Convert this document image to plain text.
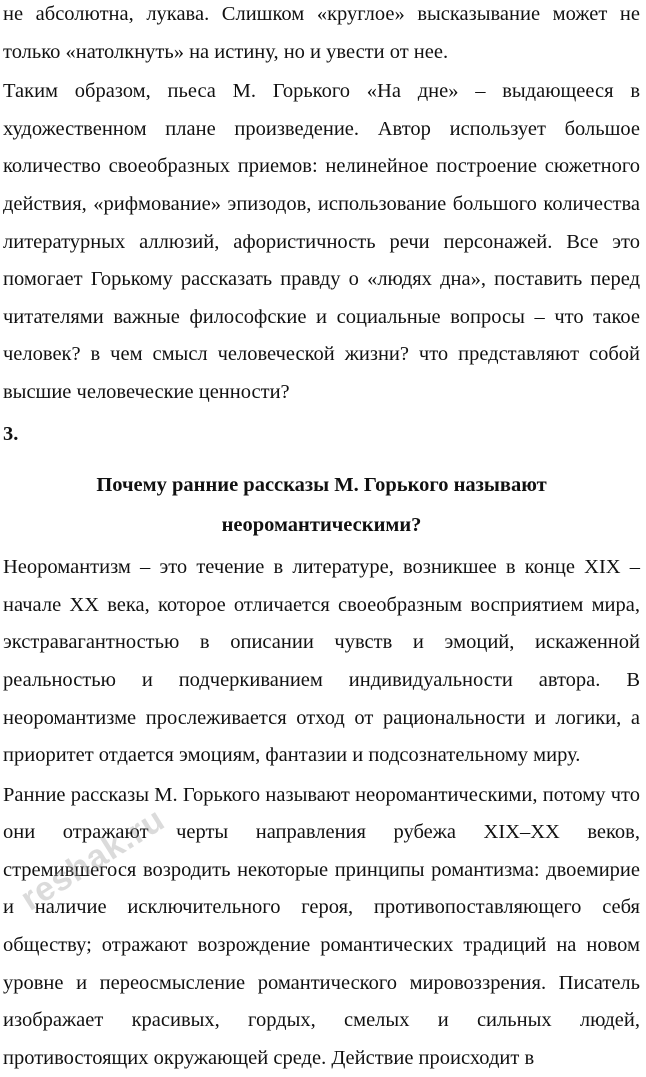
не абсолютна, лукава. Слишком «круглое» высказывание может не только «натолкнуть» на истину, но и увести от нее.

Таким образом, пьеса М. Горького «На дне» – выдающееся в художественном плане произведение. Автор использует большое количество своеобразных приемов: нелинейное построение сюжетного действия, «рифмование» эпизодов, использование большого количества литературных аллюзий, афористичность речи персонажей. Все это помогает Горькому рассказать правду о «людях дна», поставить перед читателями важные философские и социальные вопросы – что такое человек? в чем смысл человеческой жизни? что представляют собой высшие человеческие ценности?

3.

Почему ранние рассказы М. Горького называют неоромантическими?

Неоромантизм – это течение в литературе, возникшее в конце XIX – начале XX века, которое отличается своеобразным восприятием мира, экстравагантностью в описании чувств и эмоций, искаженной реальностью и подчеркиванием индивидуальности автора. В неоромантизме прослеживается отход от рациональности и логики, а приоритет отдается эмоциям, фантазии и подсознательному миру.

Ранние рассказы М. Горького называют неоромантическими, потому что они отражают черты направления рубежа XIX–XX веков, стремившегося возродить некоторые принципы романтизма: двоемирие и наличие исключительного героя, противопоставляющего себя обществу; отражают возрождение романтических традиций на новом уровне и переосмысление романтического мировоззрения. Писатель изображает красивых, гордых, смелых и сильных людей, противостоящих окружающей среде. Действие происходит в

reshak.ru
